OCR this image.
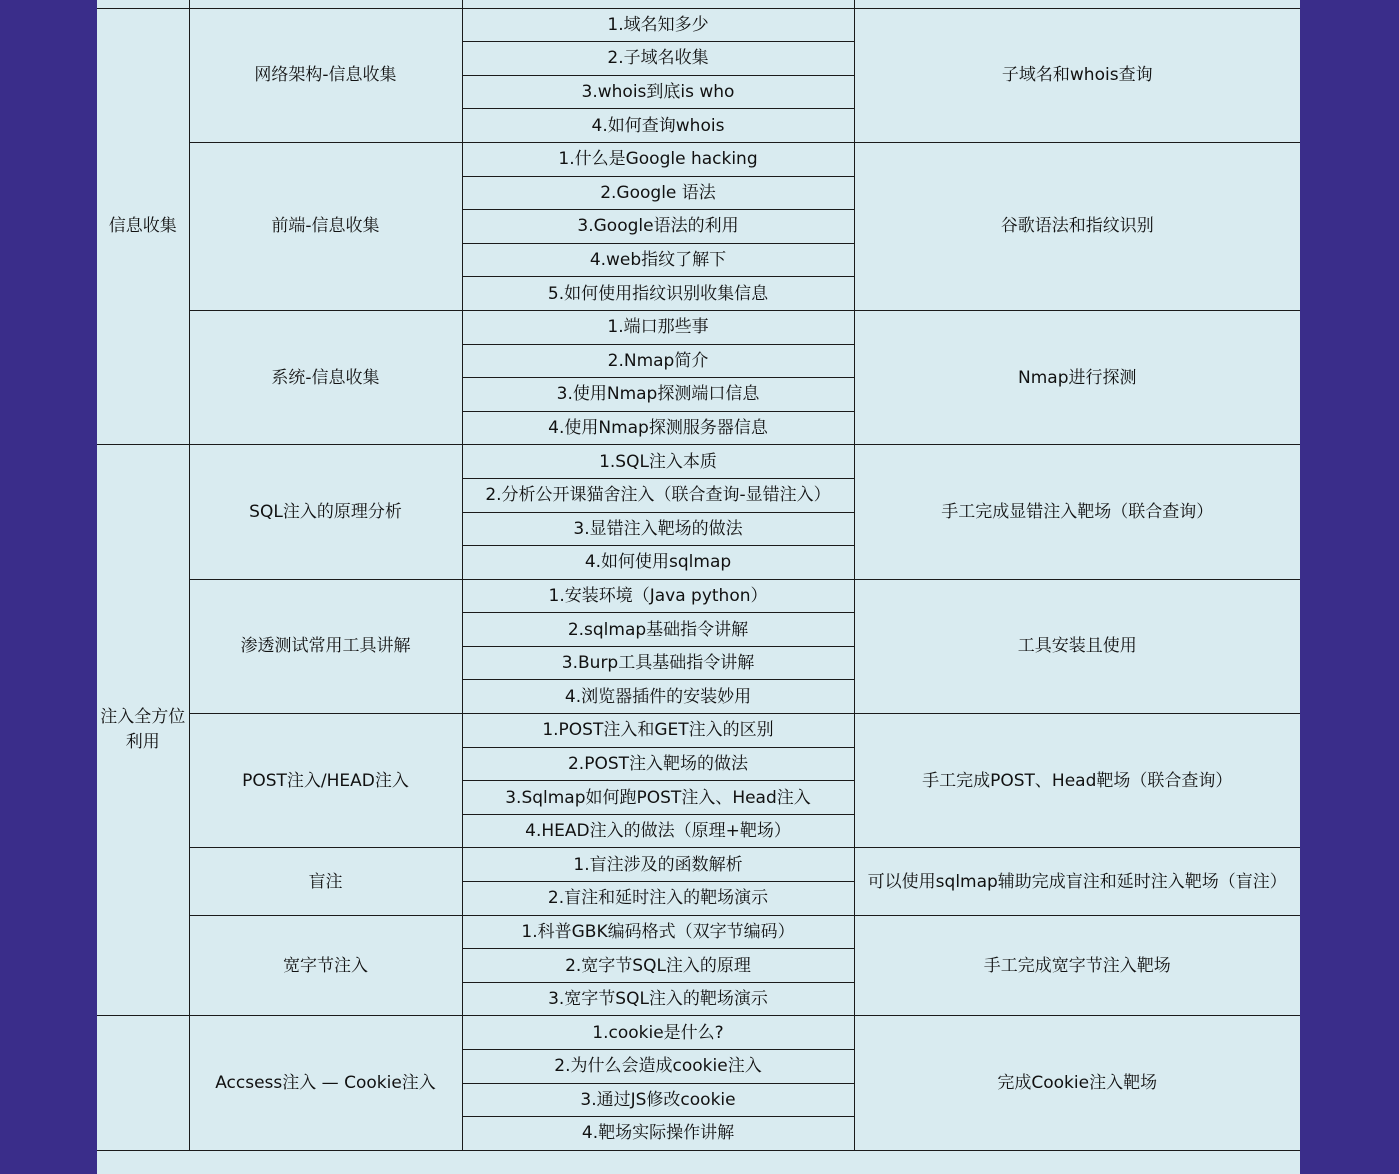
信息收集	网络架构-信息收集	1.域名知多少	子域名和whois查询
		2.子域名收集	
		3.whois到底is who	
		4.如何查询whois	
	前端-信息收集	1.什么是Google hacking	谷歌语法和指纹识别
		2.Google 语法	
		3.Google语法的利用	
		4.web指纹了解下	
		5.如何使用指纹识别收集信息	
	系统-信息收集	1.端口那些事	Nmap进行探测
		2.Nmap简介	
		3.使用Nmap探测端口信息	
		4.使用Nmap探测服务器信息	
注入全方位利用	SQL注入的原理分析	1.SQL注入本质	手工完成显错注入靶场（联合查询）
		2.分析公开课猫舍注入（联合查询-显错注入）	
		3.显错注入靶场的做法	
		4.如何使用sqlmap	
	渗透测试常用工具讲解	1.安装环境（Java python）	工具安装且使用
		2.sqlmap基础指令讲解	
		3.Burp工具基础指令讲解	
		4.浏览器插件的安装妙用	
	POST注入/HEAD注入	1.POST注入和GET注入的区别	手工完成POST、Head靶场（联合查询）
		2.POST注入靶场的做法	
		3.Sqlmap如何跑POST注入、Head注入	
		4.HEAD注入的做法（原理+靶场）	
	盲注	1.盲注涉及的函数解析	可以使用sqlmap辅助完成盲注和延时注入靶场（盲注）
		2.盲注和延时注入的靶场演示	
	宽字节注入	1.科普GBK编码格式（双字节编码）	手工完成宽字节注入靶场
		2.宽字节SQL注入的原理	
		3.宽字节SQL注入的靶场演示	
	Accsess注入 — Cookie注入	1.cookie是什么?	完成Cookie注入靶场
		2.为什么会造成cookie注入	
		3.通过JS修改cookie	
		4.靶场实际操作讲解	
